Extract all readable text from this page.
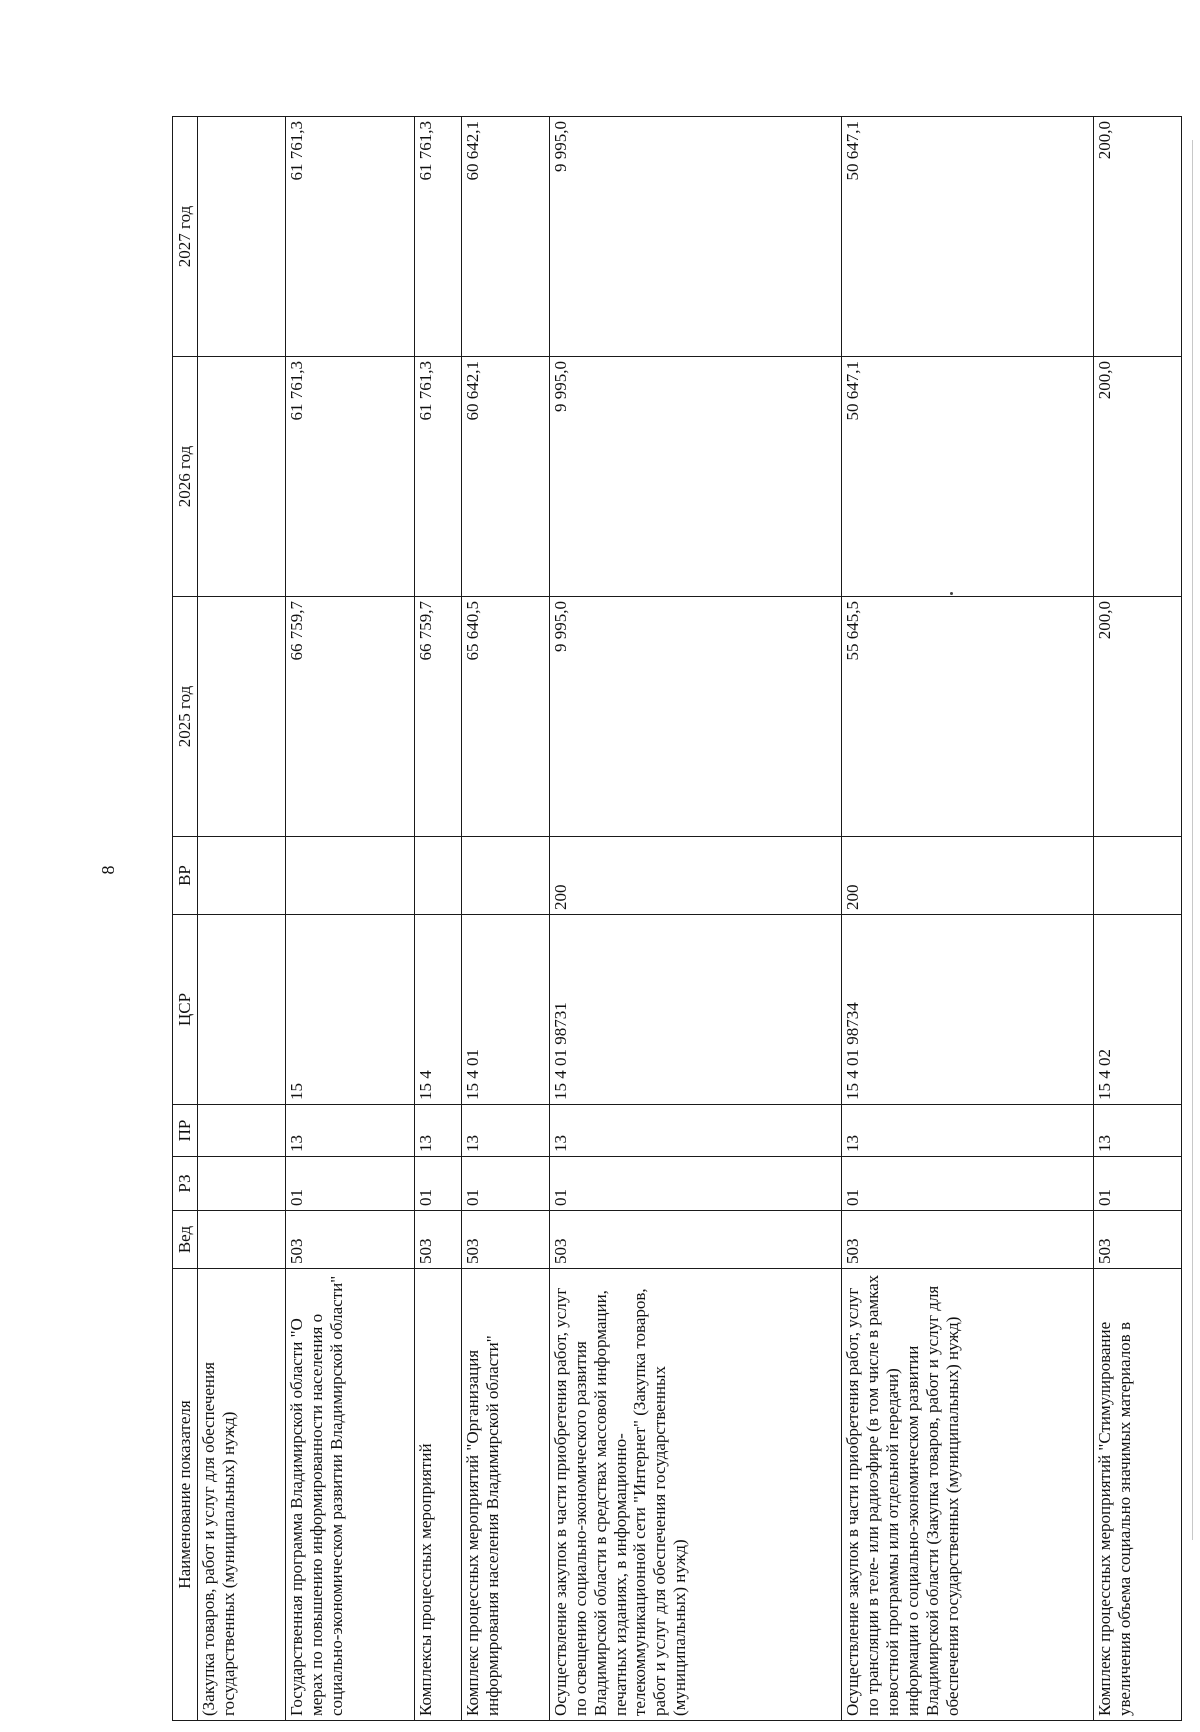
8
Наименование показателя	Вед	РЗ	ПР	ЦСР	ВР	2025 год	2026 год	2027 год
(Закупка товаров, работ и услуг для обеспечения государственных (муниципальных) нужд)								
Государственная программа Владимирской области "О мерах по повышению информированности населения о социально-экономическом развитии Владимирской области"	503	01	13	15		66 759,7	61 761,3	61 761,3
Комплексы процессных мероприятий	503	01	13	15 4		66 759,7	61 761,3	61 761,3
Комплекс процессных мероприятий "Организация информирования населения Владимирской области"	503	01	13	15 4 01		65 640,5	60 642,1	60 642,1
Осуществление закупок в части приобретения работ, услуг по освещению социально-экономического развития Владимирской области в средствах массовой информации, печатных изданиях, в информационно-телекоммуникационной сети "Интернет" (Закупка товаров, работ и услуг для обеспечения государственных (муниципальных) нужд)	503	01	13	15 4 01 98731	200	9 995,0	9 995,0	9 995,0
Осуществление закупок в части приобретения работ, услуг по трансляции в теле- или радиоэфире (в том числе в рамках новостной программы или отдельной передачи) информации о социально-экономическом развитии Владимирской области (Закупка товаров, работ и услуг для обеспечения государственных (муниципальных) нужд)	503	01	13	15 4 01 98734	200	55 645,5	50 647,1	50 647,1
Комплекс процессных мероприятий "Стимулирование увеличения объема социально значимых материалов в	503	01	13	15 4 02		200,0	200,0	200,0
